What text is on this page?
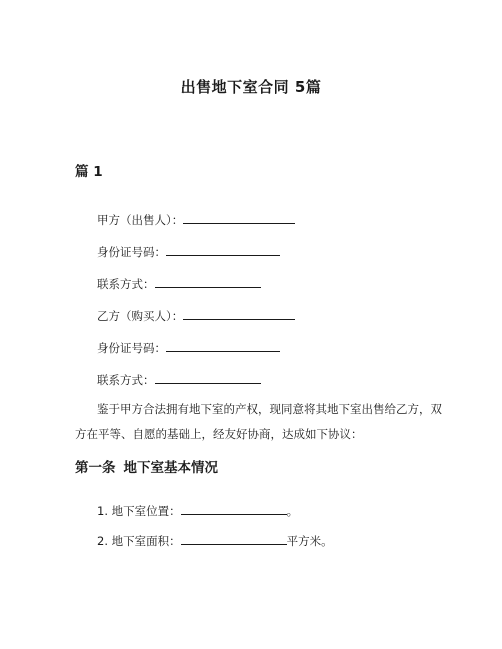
出售地下室合同 5篇
篇 1
甲方（出售人）：
身份证号码：
联系方式：
乙方（购买人）：
身份证号码：
联系方式：
鉴于甲方合法拥有地下室的产权，现同意将其地下室出售给乙方，双方在平等、自愿的基础上，经友好协商，达成如下协议：
第一条 地下室基本情况
1. 地下室位置：	。
2. 地下室面积：	平方米。
